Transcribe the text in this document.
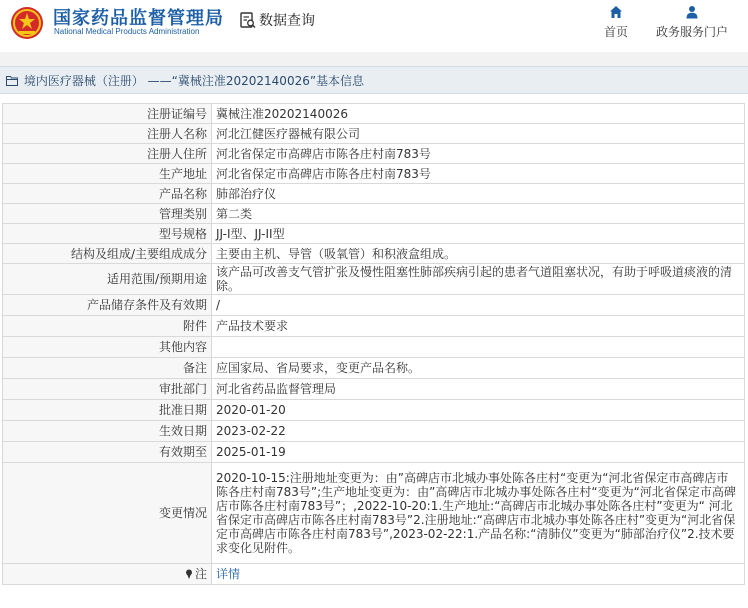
国家药品监督管理局
National Medical Products Administration
数据查询
首页	政务服务门户
境内医疗器械（注册） ——“冀械注准20202140026”基本信息
注册证编号	冀械注准20202140026
注册人名称	河北江健医疗器械有限公司
注册人住所	河北省保定市高碑店市陈各庄村南783号
生产地址	河北省保定市高碑店市陈各庄村南783号
产品名称	肺部治疗仪
管理类别	第二类
型号规格	JJ-I型、JJ-II型
结构及组成/主要组成成分	主要由主机、导管（吸氧管）和积液盒组成。
适用范围/预期用途	该产品可改善支气管扩张及慢性阻塞性肺部疾病引起的患者气道阻塞状况，有助于呼吸道痰液的清除。
产品储存条件及有效期	/
附件	产品技术要求
其他内容	
备注	应国家局、省局要求，变更产品名称。
审批部门	河北省药品监督管理局
批准日期	2020-01-20
生效日期	2023-02-22
有效期至	2025-01-19
变更情况	2020-10-15:注册地址变更为：由”高碑店市北城办事处陈各庄村“变更为“河北省保定市高碑店市陈各庄村南783号”;生产地址变更为：由”高碑店市北城办事处陈各庄村“变更为“河北省保定市高碑店市陈各庄村南783号”；,2022-10-20:1.生产地址:“高碑店市北城办事处陈各庄村”变更为“ 河北省保定市高碑店市陈各庄村南783号”2.注册地址:“高碑店市北城办事处陈各庄村”变更为“河北省保定市高碑店市陈各庄村南783号”,2023-02-22:1.产品名称:“清肺仪”变更为“肺部治疗仪”2.技术要求变化见附件。
注	详情
